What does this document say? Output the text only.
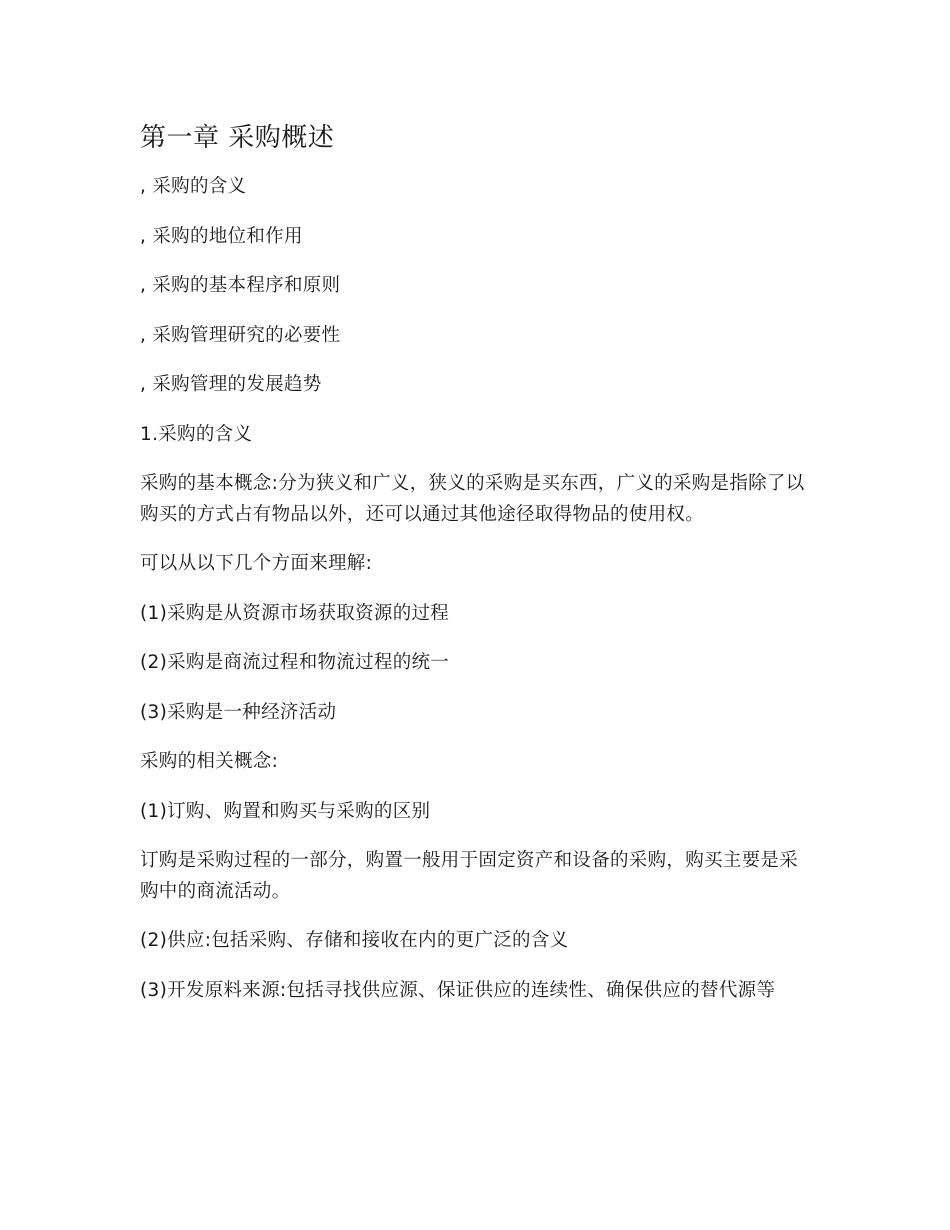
第一章 采购概述

, 采购的含义

, 采购的地位和作用

, 采购的基本程序和原则

, 采购管理研究的必要性

, 采购管理的发展趋势

1.采购的含义

采购的基本概念:分为狭义和广义，狭义的采购是买东西，广义的采购是指除了以购买的方式占有物品以外，还可以通过其他途径取得物品的使用权。

可以从以下几个方面来理解:

(1)采购是从资源市场获取资源的过程

(2)采购是商流过程和物流过程的统一

(3)采购是一种经济活动

采购的相关概念:

(1)订购、购置和购买与采购的区别

订购是采购过程的一部分，购置一般用于固定资产和设备的采购，购买主要是采购中的商流活动。

(2)供应:包括采购、存储和接收在内的更广泛的含义

(3)开发原料来源:包括寻找供应源、保证供应的连续性、确保供应的替代源等
